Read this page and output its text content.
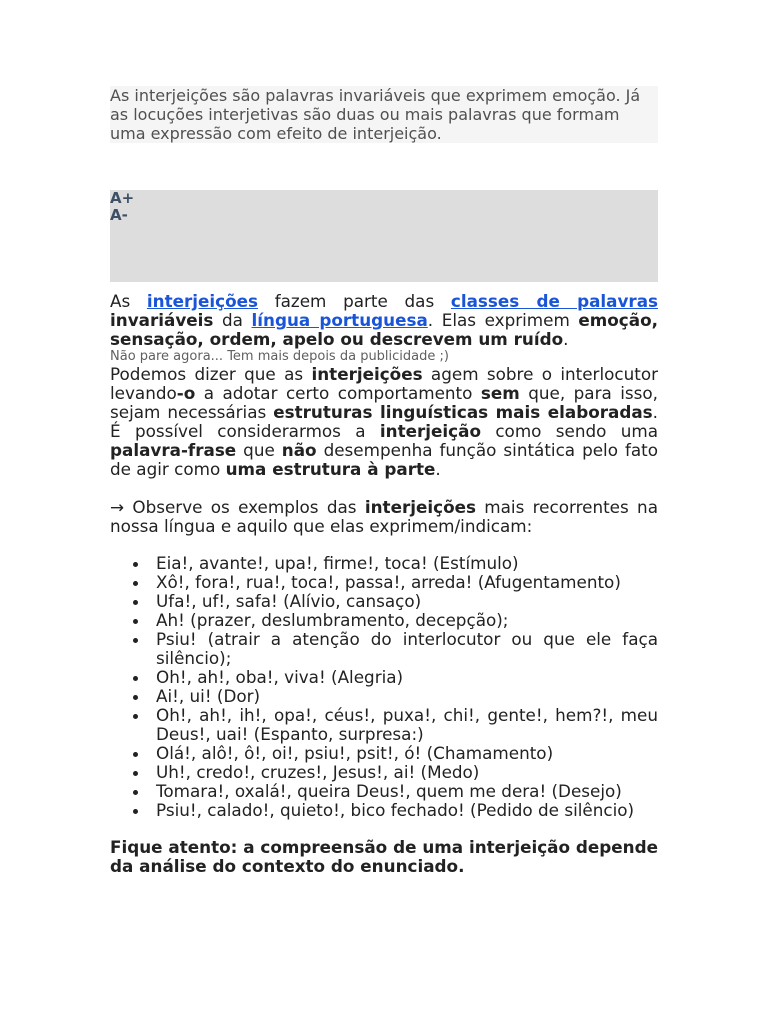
As interjeições são palavras invariáveis que exprimem emoção. Já as locuções interjetivas são duas ou mais palavras que formam uma expressão com efeito de interjeição.

A+
A-

As interjeições fazem parte das classes de palavras invariáveis da língua portuguesa. Elas exprimem emoção, sensação, ordem, apelo ou descrevem um ruído.

Não pare agora... Tem mais depois da publicidade ;)

Podemos dizer que as interjeições agem sobre o interlocutor levando-o a adotar certo comportamento sem que, para isso, sejam necessárias estruturas linguísticas mais elaboradas. É possível considerarmos a interjeição como sendo uma palavra-frase que não desempenha função sintática pelo fato de agir como uma estrutura à parte.

→ Observe os exemplos das interjeições mais recorrentes na nossa língua e aquilo que elas exprimem/indicam:

Eia!, avante!, upa!, firme!, toca! (Estímulo)
Xô!, fora!, rua!, toca!, passa!, arreda! (Afugentamento)
Ufa!, uf!, safa! (Alívio, cansaço)
Ah! (prazer, deslumbramento, decepção);
Psiu! (atrair a atenção do interlocutor ou que ele faça silêncio);
Oh!, ah!, oba!, viva! (Alegria)
Ai!, ui! (Dor)
Oh!, ah!, ih!, opa!, céus!, puxa!, chi!, gente!, hem?!, meu Deus!, uai! (Espanto, surpresa:)
Olá!, alô!, ô!, oi!, psiu!, psit!, ó! (Chamamento)
Uh!, credo!, cruzes!, Jesus!, ai! (Medo)
Tomara!, oxalá!, queira Deus!, quem me dera! (Desejo)
Psiu!, calado!, quieto!, bico fechado! (Pedido de silêncio)

Fique atento: a compreensão de uma interjeição depende da análise do contexto do enunciado.
